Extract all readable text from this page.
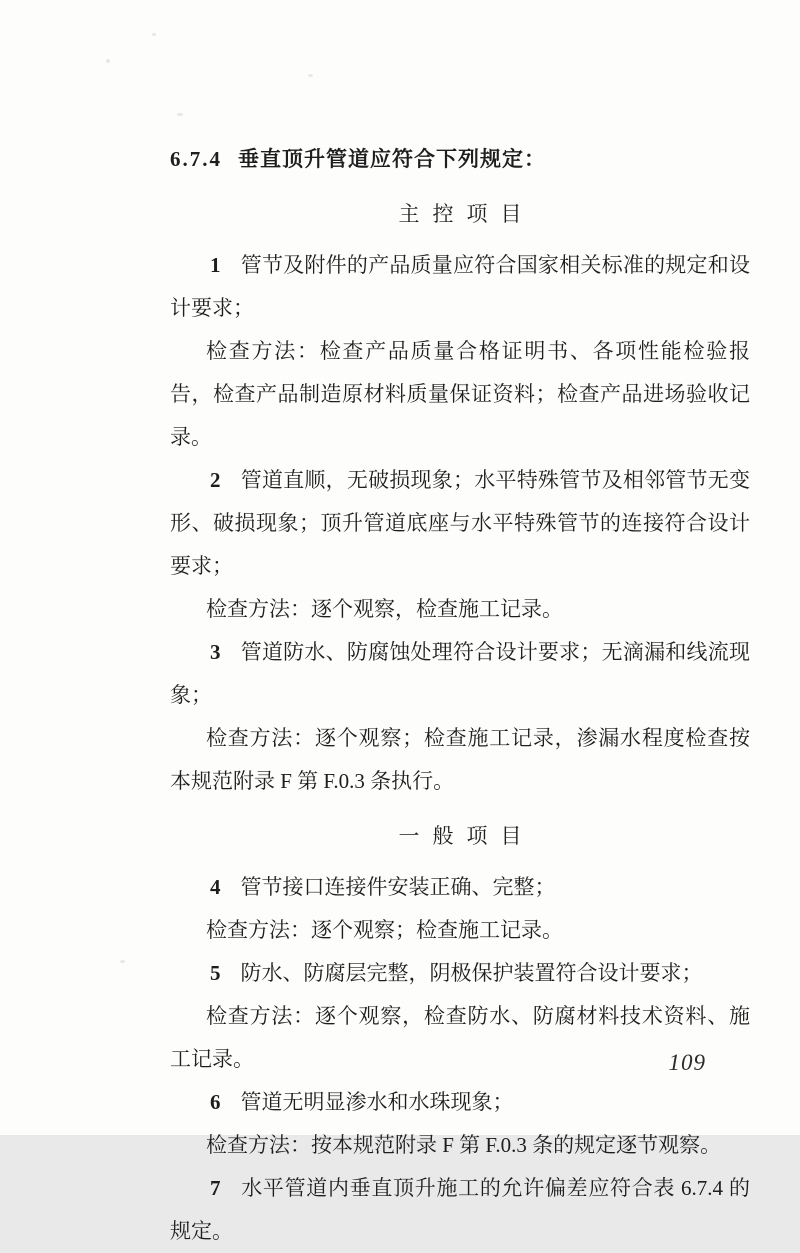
6.7.4 垂直顶升管道应符合下列规定：

主控项目

1 管节及附件的产品质量应符合国家相关标准的规定和设计要求；

检查方法：检查产品质量合格证明书、各项性能检验报告，检查产品制造原材料质量保证资料；检查产品进场验收记录。

2 管道直顺，无破损现象；水平特殊管节及相邻管节无变形、破损现象；顶升管道底座与水平特殊管节的连接符合设计要求；

检查方法：逐个观察，检查施工记录。

3 管道防水、防腐蚀处理符合设计要求；无滴漏和线流现象；

检查方法：逐个观察；检查施工记录，渗漏水程度检查按本规范附录 F 第 F.0.3 条执行。

一般项目

4 管节接口连接件安装正确、完整；

检查方法：逐个观察；检查施工记录。

5 防水、防腐层完整，阴极保护装置符合设计要求；

检查方法：逐个观察，检查防水、防腐材料技术资料、施工记录。

6 管道无明显渗水和水珠现象；

检查方法：按本规范附录 F 第 F.0.3 条的规定逐节观察。

7 水平管道内垂直顶升施工的允许偏差应符合表 6.7.4 的规定。

109
